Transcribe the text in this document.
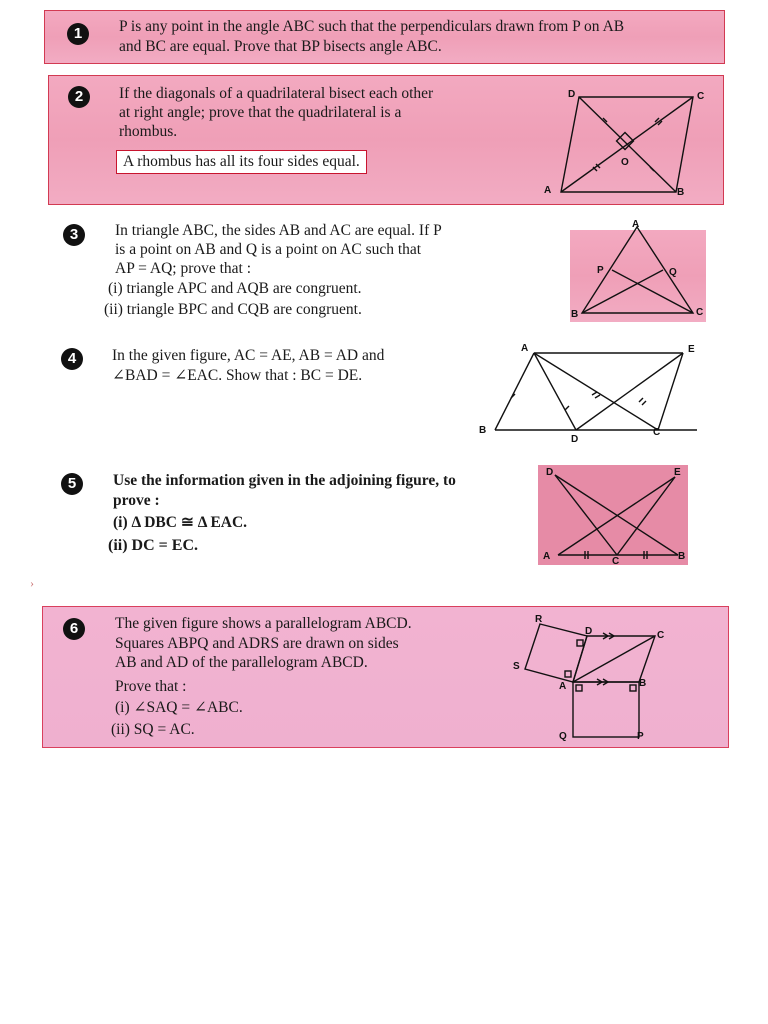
1	P is any point in the angle ABC such that the perpendiculars drawn from P on AB
and BC are equal. Prove that BP bisects angle ABC.
2	If the diagonals of a quadrilateral bisect each other
at right angle; prove that the quadrilateral is a
rhombus.
A rhombus has all its four sides equal.
D	C
O
A	B
3	In triangle ABC, the sides AB and AC are equal. If P
is a point on AB and Q is a point on AC such that
AP = AQ; prove that :
(i) triangle APC and AQB are congruent.
(ii) triangle BPC and CQB are congruent.
A
P	Q
B	C
4	In the given figure, AC = AE, AB = AD and
∠BAD = ∠EAC. Show that : BC = DE.
A	E
B
D
C
5	Use the information given in the adjoining figure, to
prove :
(i) Δ DBC ≅ Δ EAC.
(ii) DC = EC.
D	E
A	C	B
›
6	The given figure shows a parallelogram ABCD.
Squares ABPQ and ADRS are drawn on sides
AB and AD of the parallelogram ABCD.
Prove that :
(i) ∠SAQ = ∠ABC.
(ii) SQ = AC.
R
D	C
S
A	B
Q	P
